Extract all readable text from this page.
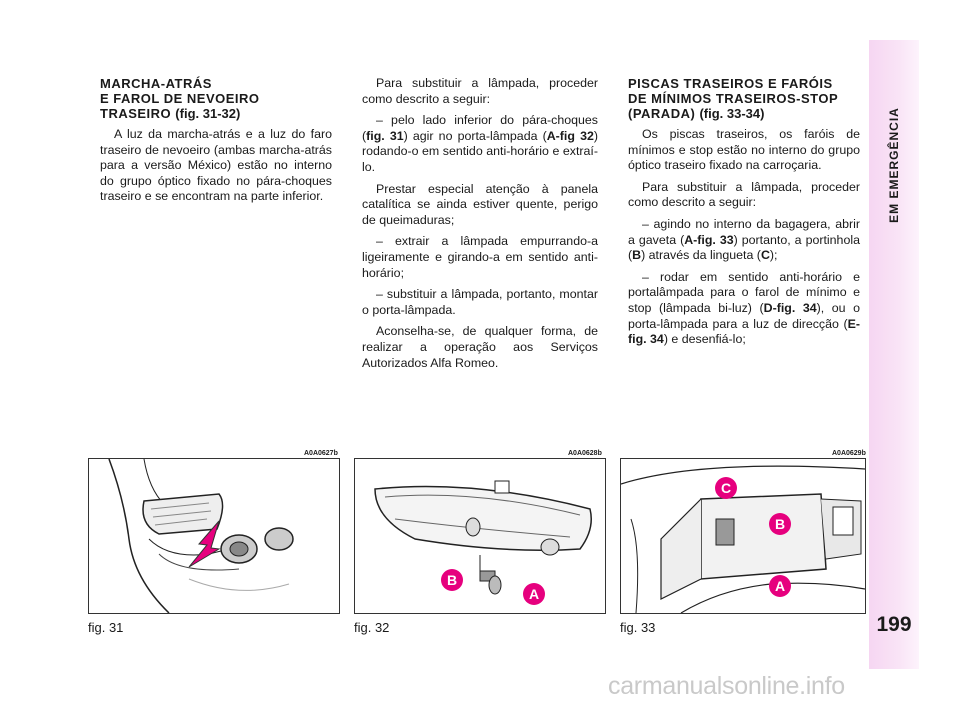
EM EMERGÊNCIA
199
MARCHA-ATRÁS
E FAROL DE NEVOEIRO
TRASEIRO (fig. 31-32)

A luz da marcha-atrás e a luz do faro traseiro de nevoeiro (ambas marcha-atrás para a versão México) estão no interno do grupo óptico fixado no pára-choques traseiro e se encontram na parte inferior.

Para substituir a lâmpada, proceder como descrito a seguir:

– pelo lado inferior do pára-choques (fig. 31) agir no porta-lâmpada (A-fig 32) rodando-o em sentido anti-horário e extraí-lo.

Prestar especial atenção à panela catalítica se ainda estiver quente, perigo de queimaduras;

– extrair a lâmpada empurrando-a ligeiramente e girando-a em sentido anti-horário;

– substituir a lâmpada, portanto, montar o porta-lâmpada.

Aconselha-se, de qualquer forma, de realizar a operação aos Serviços Autorizados Alfa Romeo.

PISCAS TRASEIROS E FARÓIS
DE MÍNIMOS TRASEIROS-STOP
(PARADA) (fig. 33-34)

Os piscas traseiros, os faróis de mínimos e stop estão no interno do grupo óptico traseiro fixado na carroçaria.

Para substituir a lâmpada, proceder como descrito a seguir:

– agindo no interno da bagagera, abrir a gaveta (A-fig. 33) portanto, a portinhola (B) através da lingueta (C);

– rodar em sentido anti-horário e portalâmpada para o farol de mínimo e stop (lâmpada bi-luz) (D-fig. 34), ou o porta-lâmpada para a luz de direcção (E-fig. 34) e desenfiá-lo;

A0A0627b	A0A0628b	A0A0629b
B
A
C
B
A
fig. 31	fig. 32	fig. 33
carmanualsonline.info
